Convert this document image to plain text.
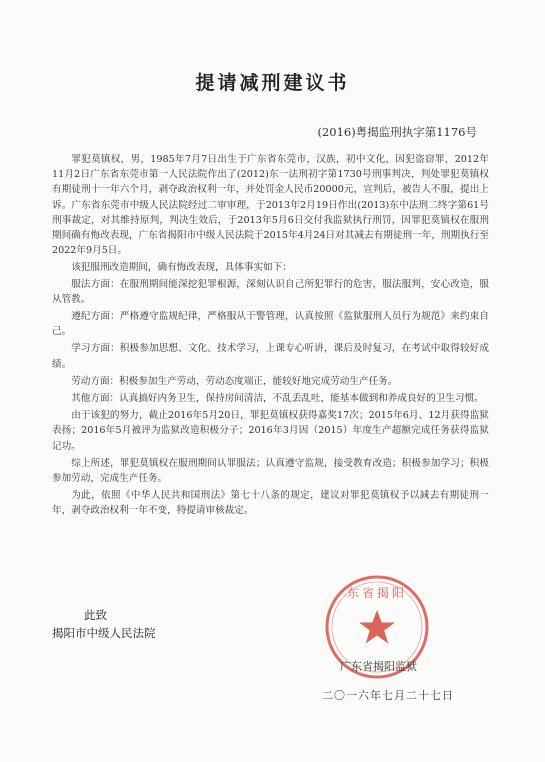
提请减刑建议书
(2016)粤揭监刑执字第1176号

罪犯莫镇权，男，1985年7月7日出生于广东省东莞市，汉族，初中文化，因犯盗窃罪，2012年11月2日广东省东莞市第一人民法院作出了(2012)东一法刑初字第1730号刑事判决，判处罪犯莫镇权有期徒刑十一年六个月，剥夺政治权利一年，并处罚金人民币20000元，宣判后，被告人不服，提出上诉。广东省东莞市中级人民法院经过二审审理，于2013年2月19日作出(2013)东中法刑二终字第61号刑事裁定，对其维持原判，判决生效后，于2013年5月6日交付我监狱执行刑罚，因罪犯莫镇权在服刑期间确有悔改表现，广东省揭阳市中级人民法院于2015年4月24日对其减去有期徒刑一年，刑期执行至2022年9月5日。

该犯服刑改造期间，确有悔改表现，具体事实如下：

服法方面：在服刑期间能深挖犯罪根源，深刻认识自己所犯罪行的危害，服法服判，安心改造，服从管教。

遵纪方面：严格遵守监规纪律，严格服从干警管理，认真按照《监狱服刑人员行为规范》来约束自己。

学习方面：积极参加思想、文化、技术学习，上课专心听讲，课后及时复习，在考试中取得较好成绩。

劳动方面：积极参加生产劳动，劳动态度端正，能较好地完成劳动生产任务。

其他方面：认真搞好内务卫生，保持房间清洁，不乱丢乱吐，能基本做到和养成良好的卫生习惯。

由于该犯的努力，截止2016年5月20日，罪犯莫镇权获得嘉奖17次；2015年6月、12月获得监狱表扬；2016年5月被评为监狱改造积极分子；2016年3月因（2015）年度生产超额完成任务获得监狱记功。

综上所述，罪犯莫镇权在服刑期间认罪服法；认真遵守监规，接受教育改造；积极参加学习；积极参加劳动，完成生产任务。

为此，依照《中华人民共和国刑法》第七十八条的规定，建议对罪犯莫镇权予以减去有期徒刑一年，剥夺政治权利一年不变，特提请审核裁定。

此致
揭阳市中级人民法院
东省揭阳
广东省揭阳监狱
二〇一六年七月二十七日
